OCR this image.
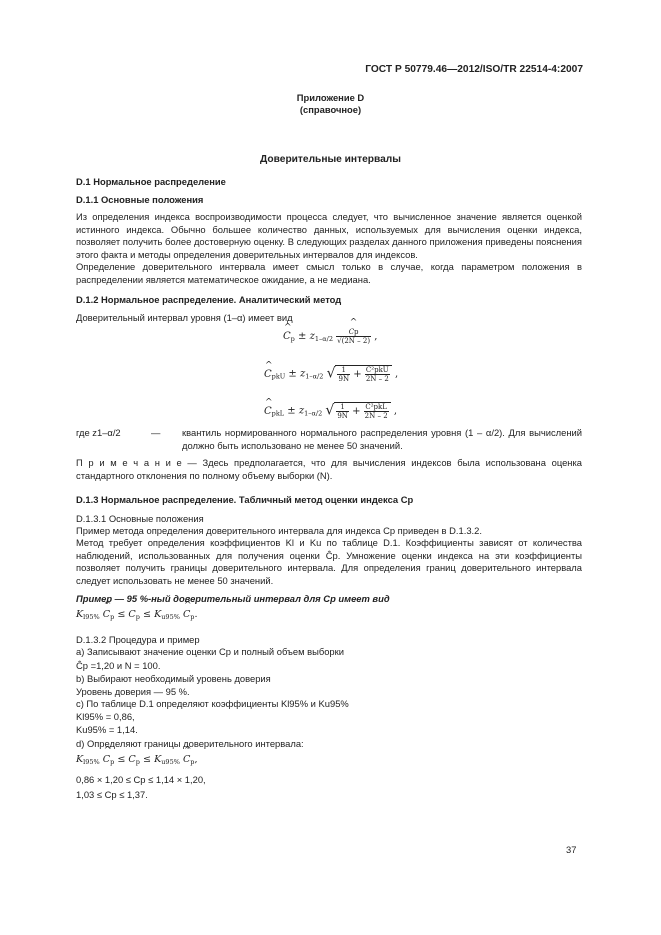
ГОСТ Р 50779.46—2012/ISO/TR 22514-4:2007
Приложение D
(справочное)
Доверительные интервалы
D.1 Нормальное распределение
D.1.1 Основные положения
Из определения индекса воспроизводимости процесса следует, что вычисленное значение является оценкой истинного индекса. Обычно большее количество данных, используемых для вычисления оценки индекса, позволяет получить более достоверную оценку. В следующих разделах данного приложения приведены пояснения этого факта и методы определения доверительных интервалов для индексов.
Определение доверительного интервала имеет смысл только в случае, когда параметром положения в распределении является математическое ожидание, а не медиана.
D.1.2 Нормальное распределение. Аналитический метод
Доверительный интервал уровня (1–α) имеет вид
^ $C_p \pm z_{1-\alpha/2}$ ^ $\frac{Cp}{√(2N - 2)}$ ,
^ $C_{pkU} \pm z_{1-\alpha/2}$ √ $\frac{1}{9N} + \frac{\text{Ĉ²pkU}}{2N - 2}$ ,
^ $C_{pkL} \pm z_{1-\alpha/2}$ √ $\frac{1}{9N} + \frac{\text{Ĉ²pkL}}{2N - 2}$ ,
где z1–α/2	— квантиль нормированного нормального распределения уровня (1 – α/2). Для вычислений должно быть использовано не менее 50 значений.
П р и м е ч а н и е — Здесь предполагается, что для вычисления индексов была использована оценка стандартного отклонения по полному объему выборки (N).
D.1.3 Нормальное распределение. Табличный метод оценки индекса Cp
D.1.3.1 Основные положения
Пример метода определения доверительного интервала для индекса Cp приведен в D.1.3.2.
Метод требует определения коэффициентов Kl и Ku по таблице D.1. Коэффициенты зависят от количества наблюдений, использованных для получения оценки Ĉp. Умножение оценки индекса на эти коэффициенты позволяет получить границы доверительного интервала. Для определения границ доверительного интервала следует использовать не менее 50 значений.
Пример — 95 %-ный доверительный интервал для Cp имеет вид
$K_{l95\%}$ ^ $C_p \le C_p \le K_{u95\%}$ ^ $C_p$.
D.1.3.2 Процедура и пример
a) Записывают значение оценки Cp и полный объем выборки
Ĉp =1,20 и N = 100.
b) Выбирают необходимый уровень доверия
Уровень доверия — 95 %.
c) По таблице D.1 определяют коэффициенты Kl95% и Ku95%
Kl95% = 0,86,
Ku95% = 1,14.
d) Определяют границы доверительного интервала:
$K_{l95\%}$ ^ $C_p \le C_p \le K_{u95\%}$ ^ $C_p$,
0,86 × 1,20 ≤ Cp ≤ 1,14 × 1,20,
1,03 ≤ Cp ≤ 1,37.
37
